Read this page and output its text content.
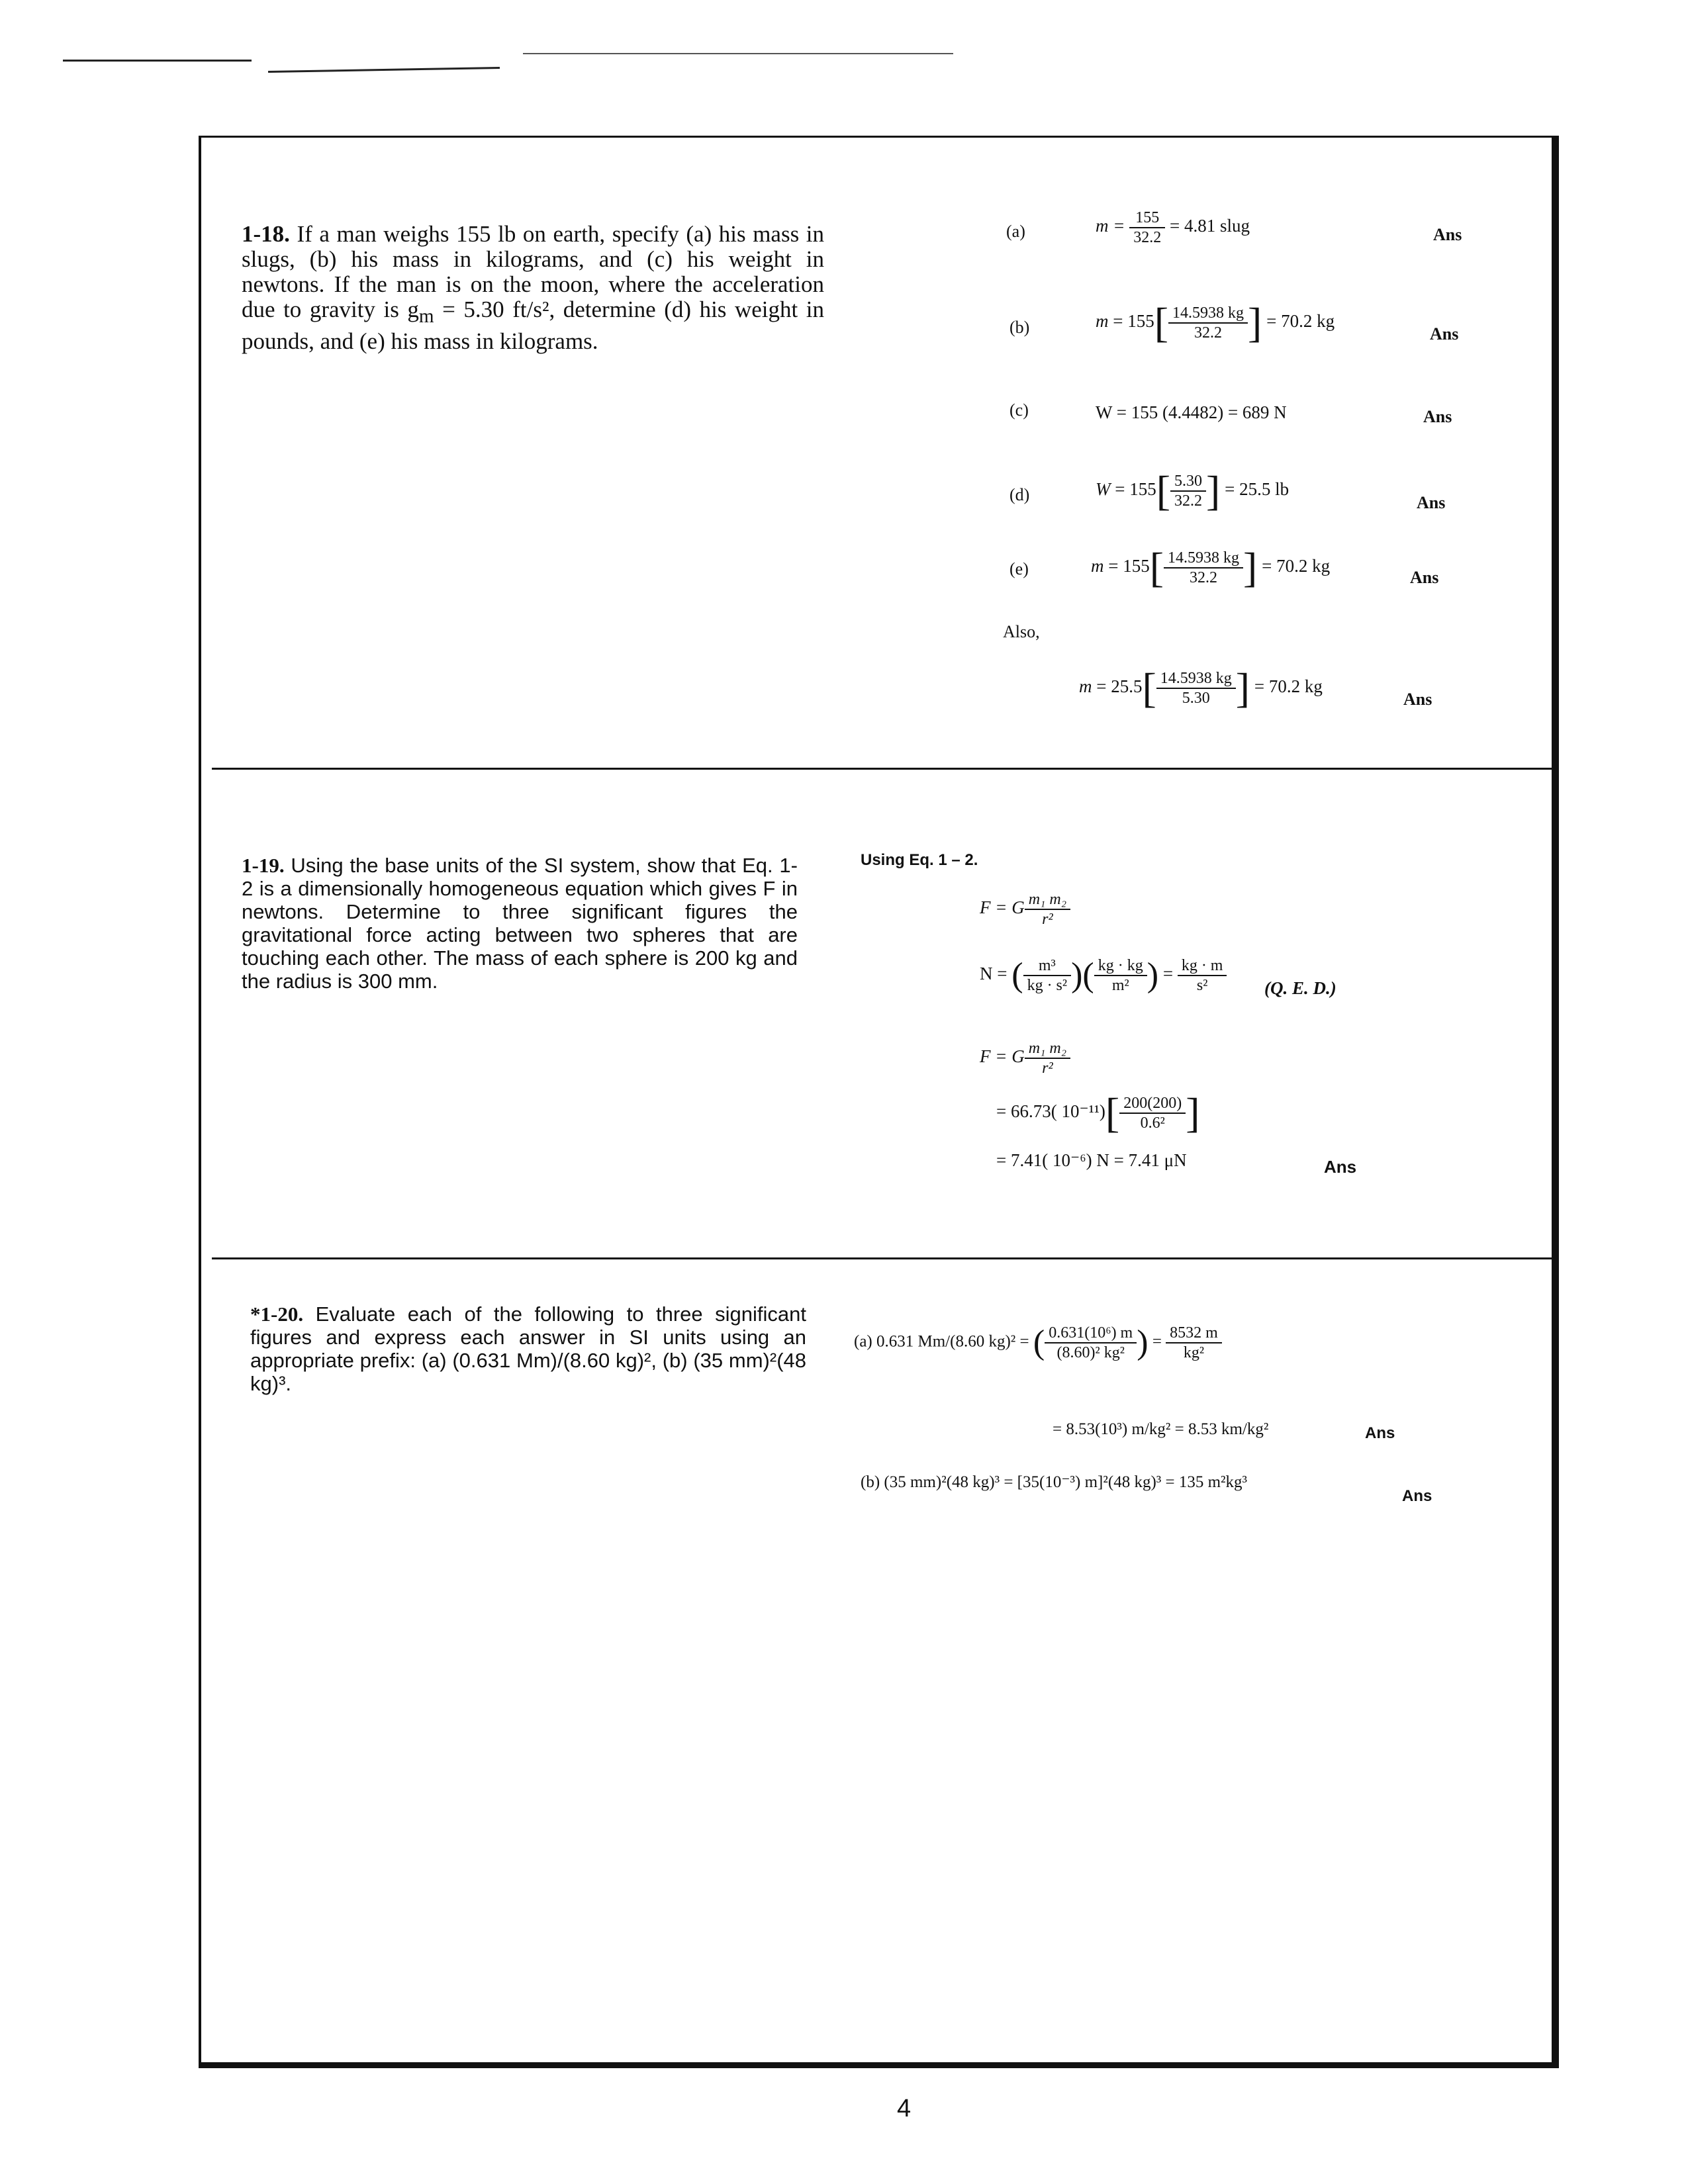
1-18. If a man weighs 155 lb on earth, specify (a) his mass in slugs, (b) his mass in kilograms, and (c) his weight in newtons. If the man is on the moon, where the acceleration due to gravity is $g_m = 5.30$ ft/s², determine (d) his weight in pounds, and (e) his mass in kilograms.
(a)	$m = \frac{155}{32.2} = 4.81$ slug	Ans
(b)	$m = 155[ \frac{14.5938 kg}{32.2}$ ] = 70.2 kg
Ans
(c)	W = 155 (4.4482) = 689 N	Ans
(d)	$W = 155[ \frac{5.30}{32.2}$ ] = 25.5 lb
Ans
(e)	$m = 155[ \frac{14.5938 kg}{32.2}$ ] = 70.2 kg
Ans
Also,
$m = 25.5[ \frac{14.5938 kg}{5.30}$ ] = 70.2 kg
Ans
1-19. Using the base units of the SI system, show that Eq. 1-2 is a dimensionally homogeneous equation which gives F in newtons. Determine to three significant figures the gravitational force acting between two spheres that are touching each other. The mass of each sphere is 200 kg and the radius is 300 mm.
Using Eq. 1 – 2.
F = G $\frac{\text{m₁ m₂}}{\text{r²}}$
N = ( $\frac{\text{m³}}{\text{kg · s²}}$ )( $\frac{kg \cdot kg}{\text{m²}}$ ) = $\frac{kg \cdot m}{\text{s²}} (Q$. E. D.)
F = G $\frac{\text{m₁ m₂}}{\text{r²}}$
= 66.73( $10^{-11})[ \frac{200(200)}{\text{0.6²}}$ ]
= 7.41( 10⁻⁶) N = 7.41 μN	Ans
*1-20. Evaluate each of the following to three significant figures and express each answer in SI units using an appropriate prefix: (a) (0.631 Mm)/(8.60 kg)², (b) (35 mm)²(48 kg)³.
(a) 0.631 Mm/(8.60 kg)² = ( $\frac{\text{0.631(10⁶) m}}{\text{(8.60)² kg²}}$ ) = $\frac{8532 m}{\text{kg²}}$
= 8.53(10³) m/kg² = 8.53 km/kg²	Ans
(b) (35 mm)²(48 kg)³ = [35(10⁻³) m]²(48 kg)³ = 135 m²kg³
Ans
4
